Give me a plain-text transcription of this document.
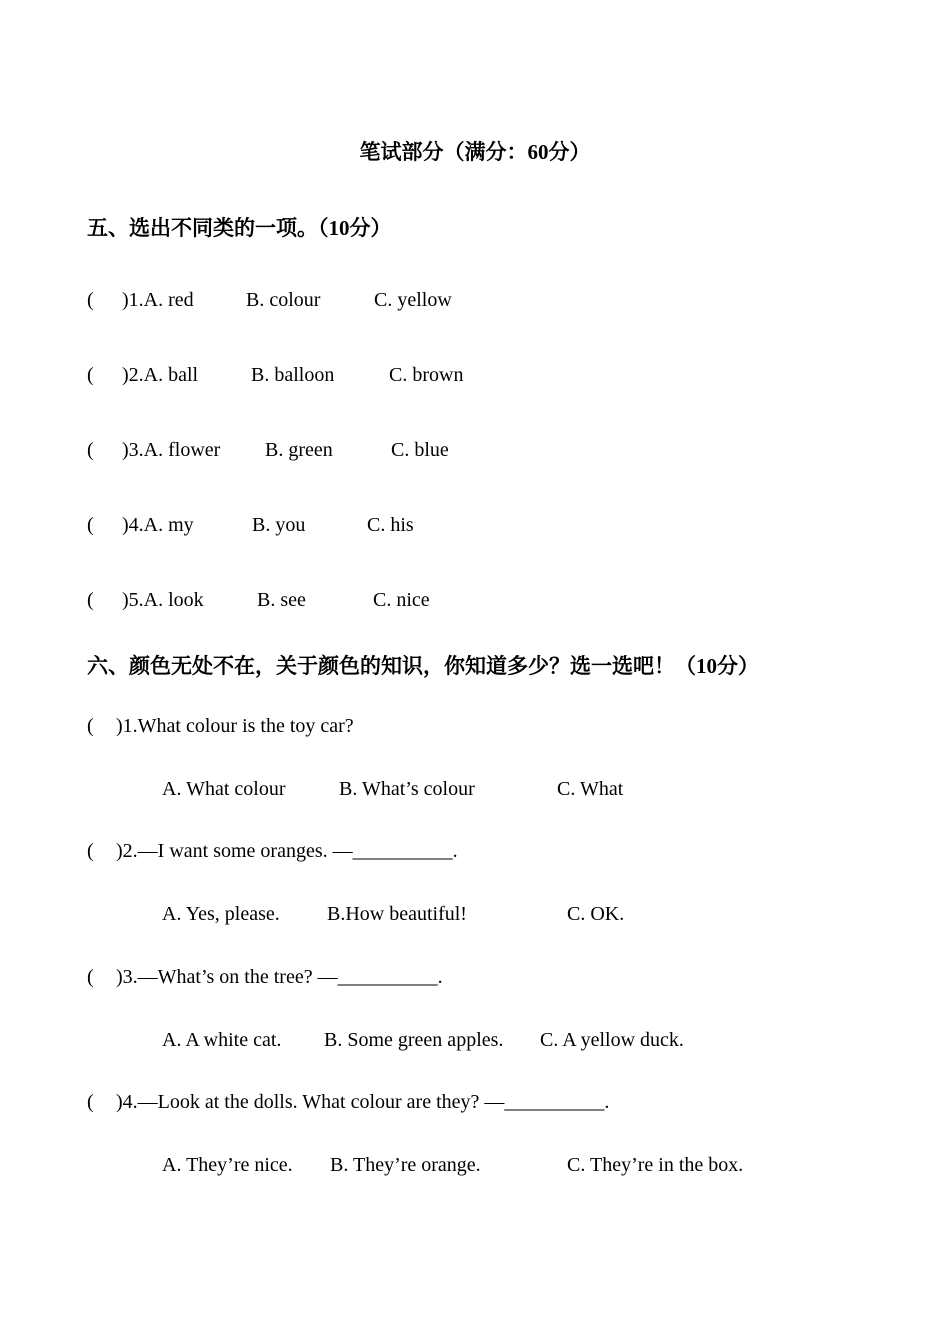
笔试部分（满分：60分）
五、选出不同类的一项。（10分）
( )1.A. red	B. colour	C. yellow
( )2.A. ball	B. balloon	C. brown
( )3.A. flower B. green	C. blue
( )4.A. my	B. you	C. his
( )5.A. look	B. see	C. nice
六、颜色无处不在，关于颜色的知识，你知道多少？选一选吧！（10分）
( )1.What colour is the toy car?
A. What colour	B. What’s colour	C. What
( )2.—I want some oranges. —__________.
A. Yes, please. B.How beautiful!	C. OK.
( )3.—What’s on the tree? —__________.
A. A white cat. B. Some green apples. C. A yellow duck.
( )4.—Look at the dolls. What colour are they? —__________.
A. They’re nice. B. They’re orange.	C. They’re in the box.
